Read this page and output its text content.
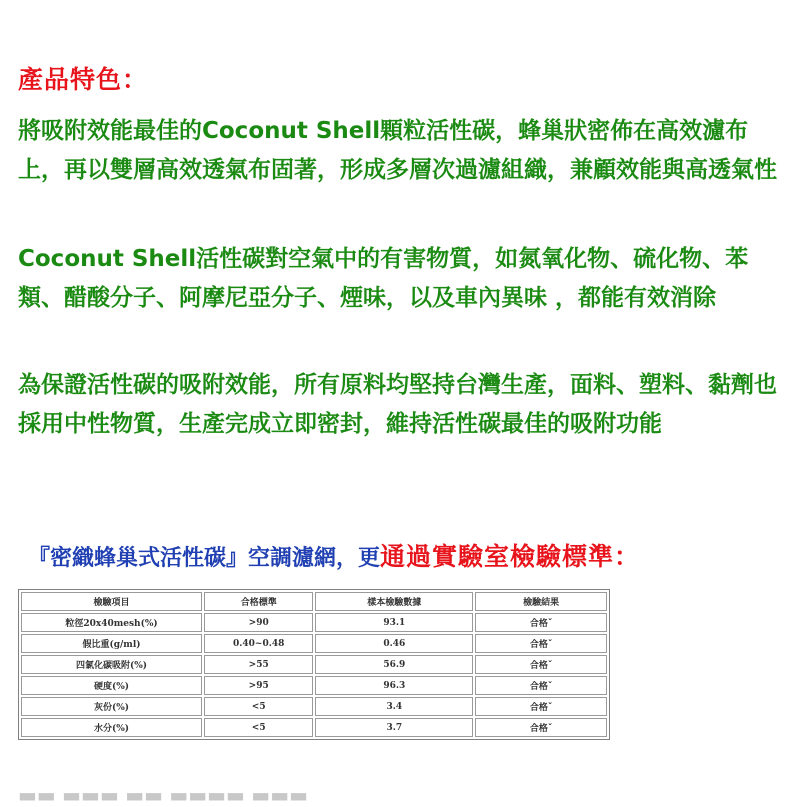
產品特色：
將吸附效能最佳的Coconut Shell顆粒活性碳，蜂巢狀密佈在高效濾布上，再以雙層高效透氣布固著，形成多層次過濾組織，兼顧效能與高透氣性
Coconut Shell活性碳對空氣中的有害物質，如氮氧化物、硫化物、苯類、醋酸分子、阿摩尼亞分子、煙味，以及車內異味 ，都能有效消除
為保證活性碳的吸附效能，所有原料均堅持台灣生產，面料、塑料、黏劑也採用中性物質，生產完成立即密封，維持活性碳最佳的吸附功能
『密織蜂巢式活性碳』空調濾網，更通過實驗室檢驗標準：
檢驗項目	合格標準	樣本檢驗數據	檢驗結果
粒徑20x40mesh(%)	>90	93.1	合格ˇ
假比重(g/ml)	0.40~0.48	0.46	合格ˇ
四氯化碳吸附(%)	>55	56.9	合格ˇ
硬度(%)	>95	96.3	合格ˇ
灰份(%)	<5	3.4	合格ˇ
水分(%)	<5	3.7	合格ˇ
▬▬ ▬▬▬ ▬▬ ▬▬▬▬ ▬▬▬
